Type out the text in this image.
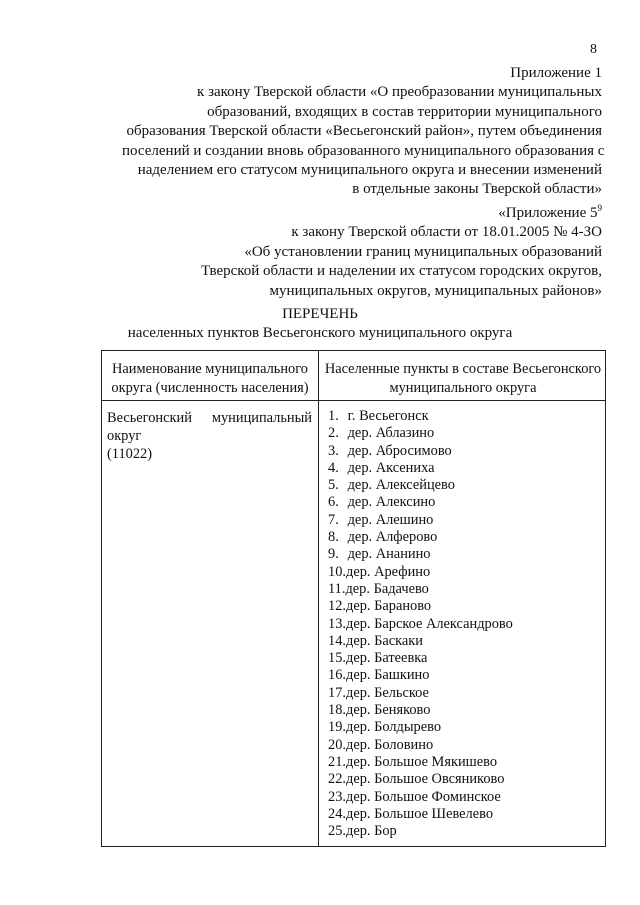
8
Приложение 1
к закону Тверской области «О преобразовании муниципальных
образований, входящих в состав территории муниципального
образования Тверской области «Весьегонский район», путем объединения
поселений и создании вновь образованного муниципального образования с
наделением его статусом муниципального округа и внесении изменений
в отдельные законы Тверской области»
«Приложение $5^9$
к закону Тверской области от 18.01.2005 № 4-ЗО
«Об установлении границ муниципальных образований
Тверской области и наделении их статусом городских округов,
муниципальных округов, муниципальных районов»
ПЕРЕЧЕНЬ
населенных пунктов Весьегонского муниципального округа
Наименование муниципального округа (численность населения)
Населенные пункты в составе Весьегонского муниципального округа
Весьегонский муниципальный
округ
(11022)
1. г. Весьегонск
2. дер. Аблазино
3. дер. Абросимово
4. дер. Аксениха
5. дер. Алексейцево
6. дер. Алексино
7. дер. Алешино
8. дер. Алферово
9. дер. Ананино
10.дер. Арефино
11.дер. Бадачево
12.дер. Бараново
13.дер. Барское Александрово
14.дер. Баскаки
15.дер. Батеевка
16.дер. Башкино
17.дер. Бельское
18.дер. Беняково
19.дер. Болдырево
20.дер. Боловино
21.дер. Большое Мякишево
22.дер. Большое Овсяниково
23.дер. Большое Фоминское
24.дер. Большое Шевелево
25.дер. Бор
